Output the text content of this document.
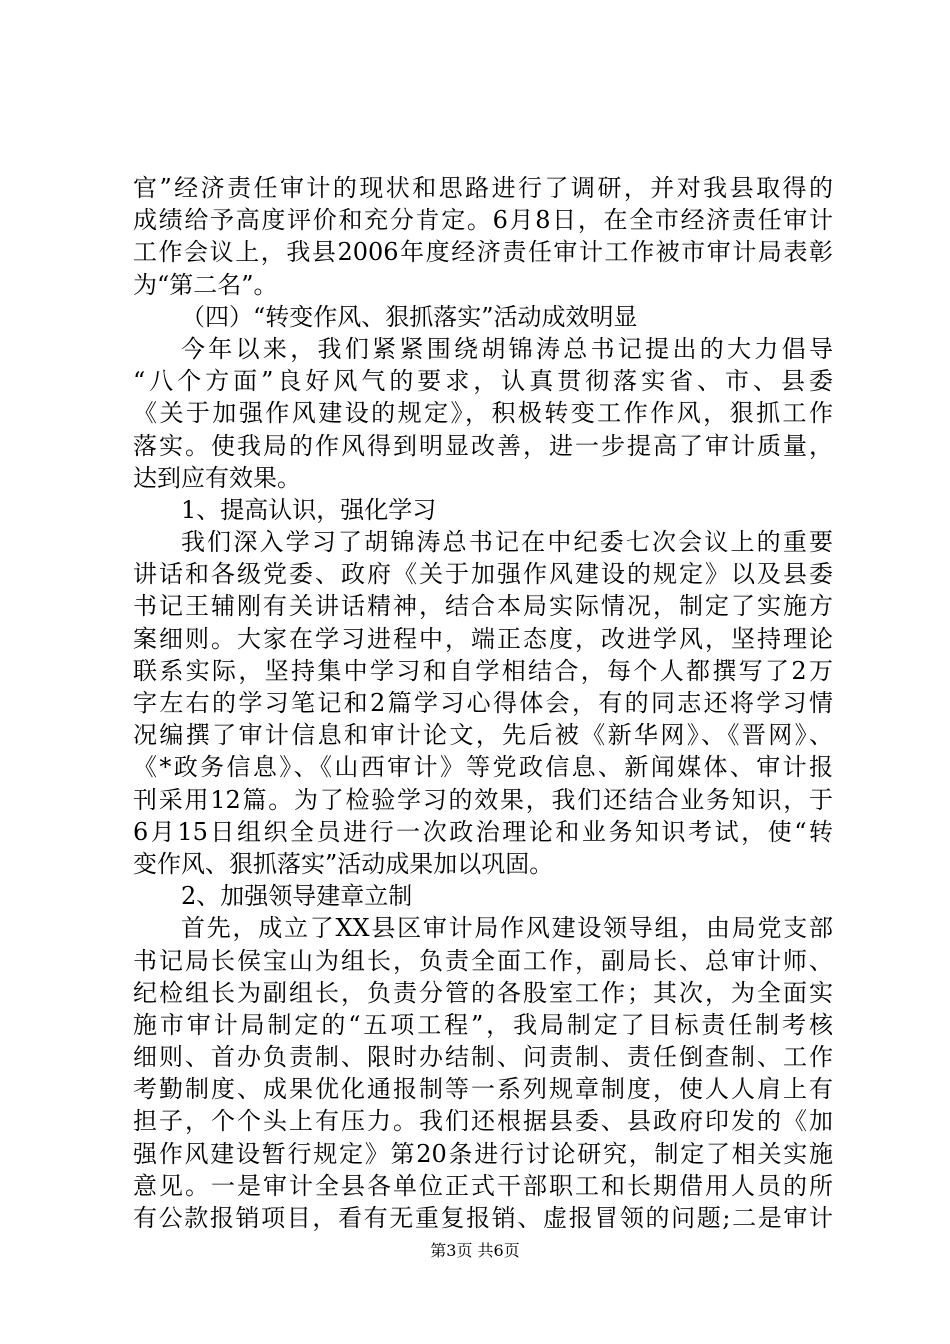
官”经济责任审计的现状和思路进行了调研，并对我县取得的
成绩给予高度评价和充分肯定。6月8日，在全市经济责任审计
工作会议上，我县2006年度经济责任审计工作被市审计局表彰
为“第二名”。
（四）“转变作风、狠抓落实”活动成效明显
今年以来，我们紧紧围绕胡锦涛总书记提出的大力倡导
“八个方面”良好风气的要求，认真贯彻落实省、市、县委
《关于加强作风建设的规定》，积极转变工作作风，狠抓工作
落实。使我局的作风得到明显改善，进一步提高了审计质量，
达到应有效果。
1、提高认识，强化学习
我们深入学习了胡锦涛总书记在中纪委七次会议上的重要
讲话和各级党委、政府《关于加强作风建设的规定》以及县委
书记王辅刚有关讲话精神，结合本局实际情况，制定了实施方
案细则。大家在学习进程中，端正态度，改进学风，坚持理论
联系实际，坚持集中学习和自学相结合，每个人都撰写了2万
字左右的学习笔记和2篇学习心得体会，有的同志还将学习情
况编撰了审计信息和审计论文，先后被《新华网》、《晋网》、
《*政务信息》、《山西审计》等党政信息、新闻媒体、审计报
刊采用12篇。为了检验学习的效果，我们还结合业务知识，于
6月15日组织全员进行一次政治理论和业务知识考试，使“转
变作风、狠抓落实”活动成果加以巩固。
2、加强领导建章立制
首先，成立了XX县区审计局作风建设领导组，由局党支部
书记局长侯宝山为组长，负责全面工作，副局长、总审计师、
纪检组长为副组长，负责分管的各股室工作；其次，为全面实
施市审计局制定的“五项工程”，我局制定了目标责任制考核
细则、首办负责制、限时办结制、问责制、责任倒查制、工作
考勤制度、成果优化通报制等一系列规章制度，使人人肩上有
担子，个个头上有压力。我们还根据县委、县政府印发的《加
强作风建设暂行规定》第20条进行讨论研究，制定了相关实施
意见。一是审计全县各单位正式干部职工和长期借用人员的所
有公款报销项目，看有无重复报销、虚报冒领的问题;二是审计
第3页 共6页
